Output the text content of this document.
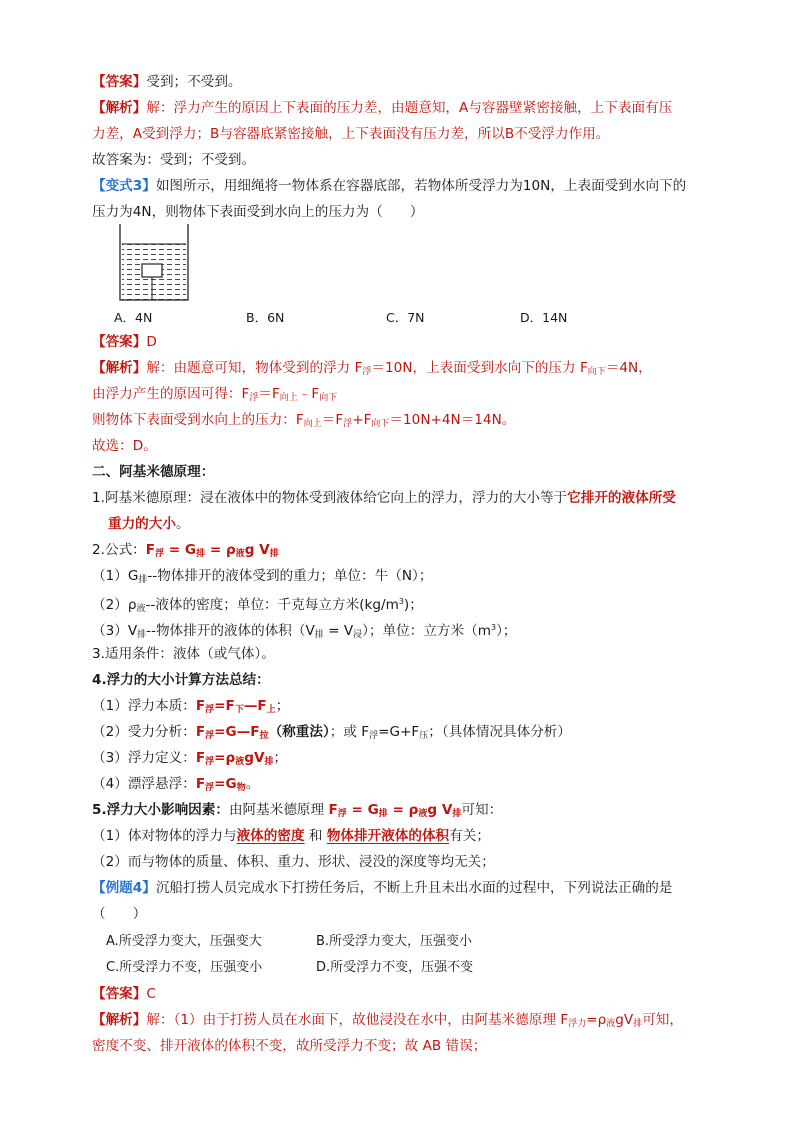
【答案】受到；不受到。
【解析】解：浮力产生的原因上下表面的压力差，由题意知，A与容器壁紧密接触，上下表面有压
力差，A受到浮力；B与容器底紧密接触，上下表面没有压力差，所以B不受浮力作用。
故答案为：受到；不受到。
【变式3】如图所示，用细绳将一物体系在容器底部，若物体所受浮力为10N，上表面受到水向下的
压力为4N，则物体下表面受到水向上的压力为（　　）
A．4N	B．6N	C．7N	D．14N
【答案】D
【解析】解：由题意可知，物体受到的浮力 $F_浮=10N$，上表面受到水向下的压力 $F_{向下}=4N$，
由浮力产生的原因可得：$F_浮=F_{向上}﹣F_{向下}$
则物体下表面受到水向上的压力：$F_{向上}=F_浮+F_{向下}=10N+4N=14N$。
故选：D。
二、阿基米德原理：
1.阿基米德原理：浸在液体中的物体受到液体给它向上的浮力，浮力的大小等于它排开的液体所受
重力的大小。
2.公式：$F_浮 = G_排 = \rho_液g$ $V_排$
$(1)G_排--$物体排开的液体受到的重力；单位：牛（N）；
$(2)\rho_液--$液体的密度；单位：千克每立方米$(kg/m^3)$；
$(3)V_排--$物体排开的液体的体积$(V_排 = V_浸)$；单位：立方米$(m^3)$；
3.适用条件：液体（或气体）。
4.浮力的大小计算方法总结：
（1）浮力本质：$F_浮=F_下—F_上$；
（2）受力分析：$F_浮=G—F_拉$（称重法）；或 $F_浮=G+F_压$；（具体情况具体分析）
（3）浮力定义：$F_浮=\rho_液gV_排$；
（4）漂浮悬浮：$F_浮=G_物$。
5.浮力大小影响因素：由阿基米德原理 $F_浮 = G_排 = \rho_液g$ $V_排$可知：
（1）体对物体的浮力与液体的密度 和 物体排开液体的体积有关；
（2）而与物体的质量、体积、重力、形状、浸没的深度等均无关；
【例题4】沉船打捞人员完成水下打捞任务后，不断上升且未出水面的过程中，下列说法正确的是
（　　）
A.所受浮力变大，压强变大	B.所受浮力变大，压强变小
C.所受浮力不变，压强变小	D.所受浮力不变，压强不变
【答案】C
【解析】解：（1）由于打捞人员在水面下，故他浸没在水中，由阿基米德原理 $F_{浮力}=\rho_液gV_排$可知，
密度不变、排开液体的体积不变，故所受浮力不变；故 AB 错误；
